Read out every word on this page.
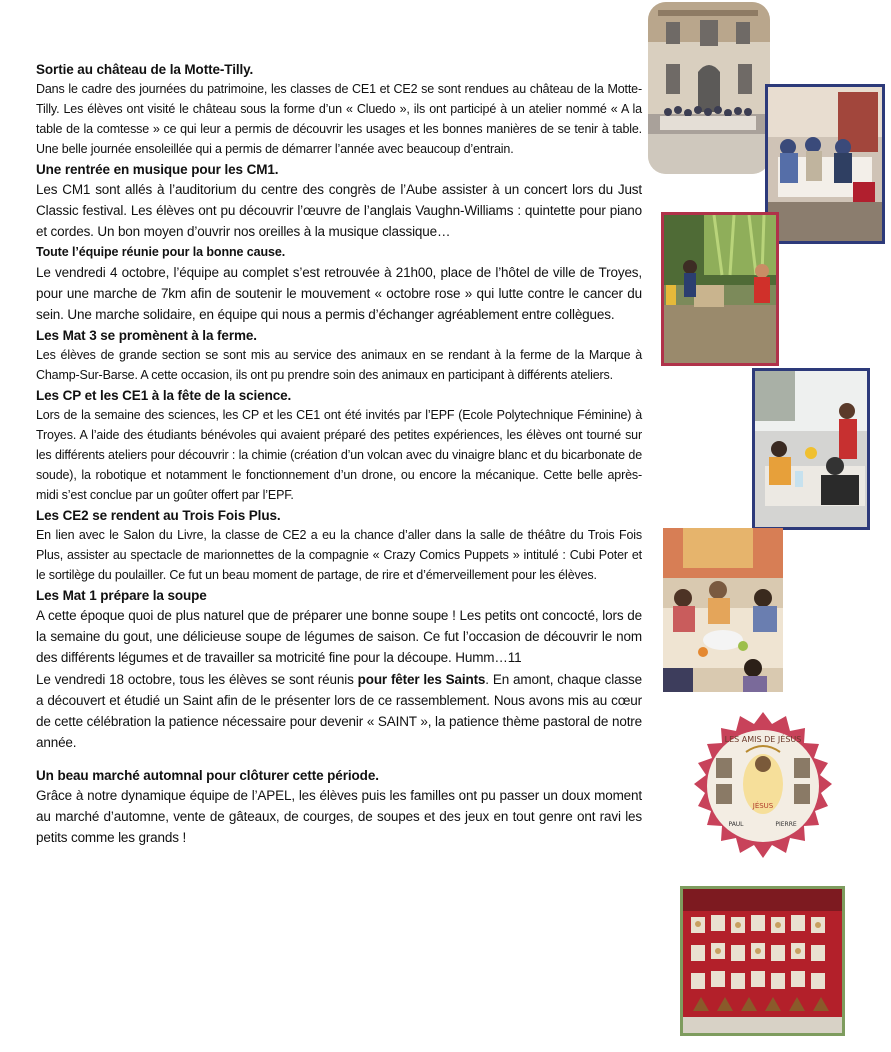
Sortie au château de la Motte-Tilly.

Dans le cadre des journées du patrimoine, les classes de CE1 et CE2 se sont rendues au château de la Motte-Tilly. Les élèves ont visité le château sous la forme d’un « Cluedo », ils ont participé à un atelier nommé « A la table de la comtesse » ce qui leur a permis de découvrir les usages et les bonnes manières de se tenir à table. Une belle journée ensoleillée qui a permis de démarrer l’année avec beaucoup d’entrain.

Une rentrée en musique pour les CM1.

Les CM1 sont allés à l’auditorium du centre des congrès de l’Aube assister à un concert lors du Just Classic festival. Les élèves ont pu découvrir l’œuvre de l’anglais Vaughn-Williams : quintette pour piano et cordes. Un bon moyen d’ouvrir nos oreilles à la musique classique…

Toute l’équipe réunie pour la bonne cause.

Le vendredi 4 octobre, l’équipe au complet s’est retrouvée à 21h00, place de l’hôtel de ville de Troyes, pour une marche de 7km afin de soutenir le mouvement « octobre rose » qui lutte contre le cancer du sein. Une marche solidaire, en équipe qui nous a permis d’échanger agréablement entre collègues.

Les Mat 3 se promènent à la ferme.

Les élèves de grande section se sont mis au service des animaux en se rendant à la ferme de la Marque à Champ-Sur-Barse. A cette occasion, ils ont pu prendre soin des animaux en participant à différents ateliers.

Les CP et les CE1 à la fête de la science.

Lors de la semaine des sciences, les CP et les CE1 ont été invités par l’EPF (Ecole Polytechnique Féminine) à Troyes. A l’aide des étudiants bénévoles qui avaient préparé des petites expériences, les élèves ont tourné sur les différents ateliers pour découvrir : la chimie (création d’un volcan avec du vinaigre blanc et du bicarbonate de soude), la robotique et notamment le fonctionnement d’un drone, ou encore la mécanique. Cette belle après-midi s’est conclue par un goûter offert par l’EPF.

Les CE2 se rendent au Trois Fois Plus.

En lien avec le Salon du Livre, la classe de CE2 a eu la chance d’aller dans la salle de théâtre du Trois Fois Plus, assister au spectacle de marionnettes de la compagnie « Crazy Comics Puppets » intitulé : Cubi Poter et le sortilège du poulailler. Ce fut un beau moment de partage, de rire et d’émerveillement pour les élèves.

Les Mat 1 prépare la soupe

A cette époque quoi de plus naturel que de préparer une bonne soupe ! Les petits ont concocté, lors de la semaine du gout, une délicieuse soupe de légumes de saison. Ce fut l’occasion de découvrir le nom des différents légumes et de travailler sa motricité fine pour la découpe. Humm…11

Le vendredi 18 octobre, tous les élèves se sont réunis pour fêter les Saints. En amont, chaque classe a découvert et étudié un Saint afin de le présenter lors de ce rassemblement. Nous avons mis au cœur de cette célébration la patience nécessaire pour devenir « SAINT », la patience thème pastoral de notre année.

Un beau marché automnal pour clôturer cette période.

Grâce à notre dynamique équipe de l’APEL, les élèves puis les familles ont pu passer un doux moment au marché d’automne, vente de gâteaux, de courges, de soupes et des jeux en tout genre ont ravi les petits comme les grands !

LES AMIS DE JÉSUS
JÉSUS
PAUL	PIERRE
